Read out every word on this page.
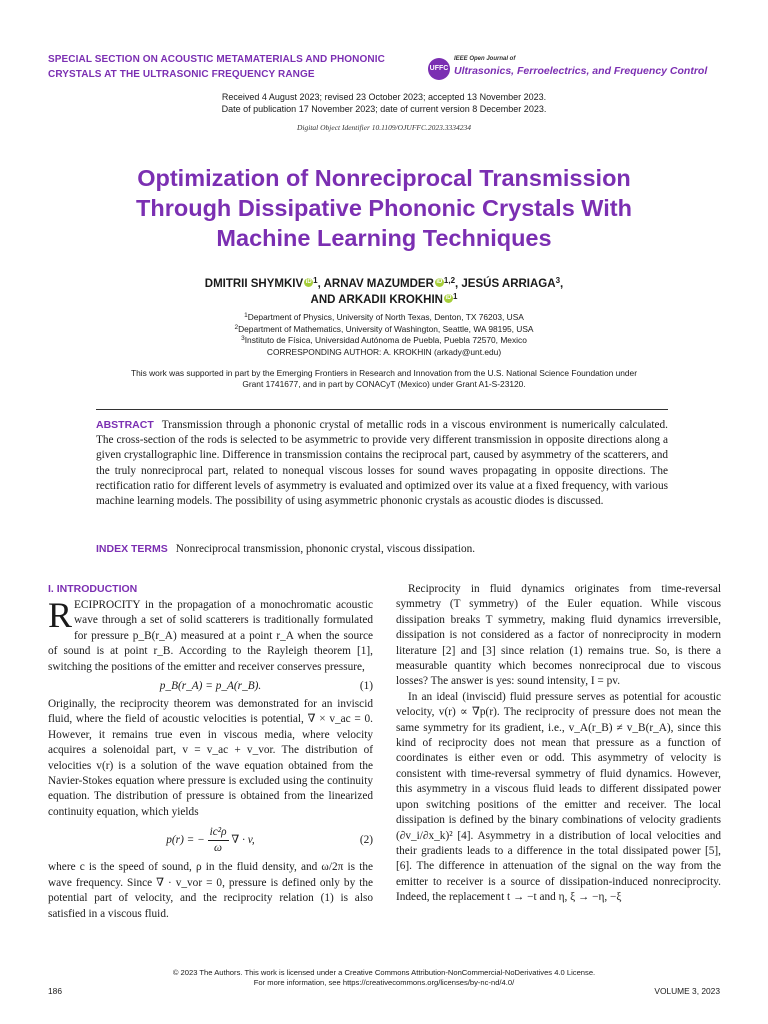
SPECIAL SECTION ON ACOUSTIC METAMATERIALS AND PHONONIC
CRYSTALS AT THE ULTRASONIC FREQUENCY RANGE
UFFC
IEEE Open Journal of
Ultrasonics, Ferroelectrics, and Frequency Control
Received 4 August 2023; revised 23 October 2023; accepted 13 November 2023.
Date of publication 17 November 2023; date of current version 8 December 2023.
Digital Object Identifier 10.1109/OJUFFC.2023.3334234
Optimization of Nonreciprocal Transmission
Through Dissipative Phononic Crystals With
Machine Learning Techniques
DMITRII SHYMKIV iD $^1$, ARNAV MAZUMDER iD $^{1,2}$, JESÚS ARRIAGA$^3$,
AND ARKADII KROKHIN iD $^1$
$^1$Department of Physics, University of North Texas, Denton, TX 76203, USA
$^2$Department of Mathematics, University of Washington, Seattle, WA 98195, USA
$^3$Instituto de Física, Universidad Autónoma de Puebla, Puebla 72570, Mexico
CORRESPONDING AUTHOR: A. KROKHIN (arkady@unt.edu)
This work was supported in part by the Emerging Frontiers in Research and Innovation from the U.S. National Science Foundation under Grant 1741677, and in part by CONACyT (Mexico) under Grant A1-S-23120.
ABSTRACT Transmission through a phononic crystal of metallic rods in a viscous environment is numerically calculated. The cross-section of the rods is selected to be asymmetric to provide very different transmission in opposite directions along a given crystallographic line. Difference in transmission contains the reciprocal part, caused by asymmetry of the scatterers, and the truly nonreciprocal part, related to nonequal viscous losses for sound waves propagating in opposite directions. The rectification ratio for different levels of asymmetry is evaluated and optimized over its value at a fixed frequency, with various machine learning models. The possibility of using asymmetric phononic crystals as acoustic diodes is discussed.
INDEX TERMS Nonreciprocal transmission, phononic crystal, viscous dissipation.
I. INTRODUCTION

RECIPROCITY in the propagation of a monochromatic acoustic wave through a set of solid scatterers is traditionally formulated for pressure p_B(r_A) measured at a point r_A when the source of sound is at point r_B. According to the Rayleigh theorem [1], switching the positions of the emitter and receiver conserves pressure,

p_B(r_A) = p_A(r_B).	(1)

Originally, the reciprocity theorem was demonstrated for an inviscid fluid, where the field of acoustic velocities is potential, ∇ × v_ac = 0. However, it remains true even in viscous media, where velocity acquires a solenoidal part, v = v_ac + v_vor. The distribution of velocities v(r) is a solution of the wave equation obtained from the Navier-Stokes equation where pressure is excluded using the continuity equation. The distribution of pressure is obtained from the linearized continuity equation, which yields

p(r) = − $\frac{\text{ic²ρ}}{\omega}$ ∇ · v,	(2)

where c is the speed of sound, ρ in the fluid density, and ω/2π is the wave frequency. Since ∇ · v_vor = 0, pressure is defined only by the potential part of velocity, and the reciprocity relation (1) is also satisfied in a viscous fluid.

Reciprocity in fluid dynamics originates from time-reversal symmetry (T symmetry) of the Euler equation. While viscous dissipation breaks T symmetry, making fluid dynamics irreversible, dissipation is not considered as a factor of nonreciprocity in modern literature [2] and [3] since relation (1) remains true. So, is there a measurable quantity which becomes nonreciprocal due to viscous losses? The answer is yes: sound intensity, I = pv.

In an ideal (inviscid) fluid pressure serves as potential for acoustic velocity, v(r) ∝ ∇p(r). The reciprocity of pressure does not mean the same symmetry for its gradient, i.e., v_A(r_B) ≠ v_B(r_A), since this kind of reciprocity does not mean that pressure as a function of coordinates is either even or odd. This asymmetry of velocity is consistent with time-reversal symmetry of fluid dynamics. However, this asymmetry in a viscous fluid leads to different dissipated power upon switching positions of the emitter and receiver. The local dissipation is defined by the binary combinations of velocity gradients (∂v_i/∂x_k)² [4]. Asymmetry in a distribution of local velocities and their gradients leads to a difference in the total dissipated power [5], [6]. The difference in attenuation of the signal on the way from the emitter to receiver is a source of dissipation-induced nonreciprocity. Indeed, the replacement t → −t and η, ξ → −η, −ξ

© 2023 The Authors. This work is licensed under a Creative Commons Attribution-NonCommercial-NoDerivatives 4.0 License.
For more information, see https://creativecommons.org/licenses/by-nc-nd/4.0/
186	VOLUME 3, 2023
